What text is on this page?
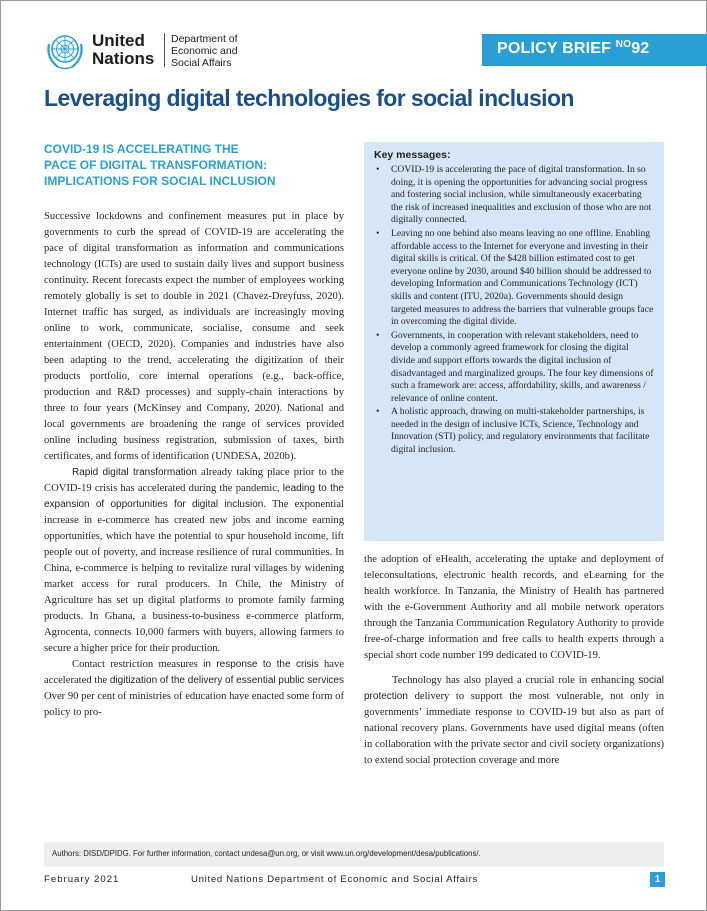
United
Nations
Department of
Economic and
Social Affairs
POLICY BRIEF $^{NO}$92
Leveraging digital technologies for social inclusion
COVID-19 IS ACCELERATING THE
PACE OF DIGITAL TRANSFORMATION:
IMPLICATIONS FOR SOCIAL INCLUSION

Successive lockdowns and confinement measures put in place by governments to curb the spread of COVID-19 are accelerating the pace of digital transformation as information and communications technology (ICTs) are used to sustain daily lives and support business continuity. Recent forecasts expect the number of employees working remotely globally is set to double in 2021 (Chavez-Dreyfuss, 2020). Internet traffic has surged, as individuals are increasingly moving online to work, communicate, socialise, consume and seek entertainment (OECD, 2020). Companies and industries have also been adapting to the trend, accelerating the digitization of their products portfolio, core internal operations (e.g., back-office, production and R&D processes) and supply-chain interactions by three to four years (McKinsey and Company, 2020). National and local governments are broadening the range of services provided online including business registration, submission of taxes, birth certificates, and forms of identification (UNDESA, 2020b).

Rapid digital transformation already taking place prior to the COVID-19 crisis has accelerated during the pandemic, leading to the expansion of opportunities for digital inclusion. The exponential increase in e-commerce has created new jobs and income earning opportunities, which have the potential to spur household income, lift people out of poverty, and increase resilience of rural communities. In China, e-commerce is helping to revitalize rural villages by widening market access for rural producers. In Chile, the Ministry of Agriculture has set up digital platforms to promote family farming products. In Ghana, a business-to-business e-commerce platform, Agrocenta, connects 10,000 farmers with buyers, allowing farmers to secure a higher price for their production.

Contact restriction measures in response to the crisis have accelerated the digitization of the delivery of essential public services Over 90 per cent of ministries of education have enacted some form of policy to pro-

Key messages:
• COVID-19 is accelerating the pace of digital transformation. In so doing, it is opening the opportunities for advancing social progress and fostering social inclusion, while simultaneously exacerbating the risk of increased inequalities and exclusion of those who are not digitally connected.
• Leaving no one behind also means leaving no one offline. Enabling affordable access to the Internet for everyone and investing in their digital skills is critical. Of the $428 billion estimated cost to get everyone online by 2030, around $40 billion should be addressed to developing Information and Communications Technology (ICT) skills and content (ITU, 2020a). Governments should design targeted measures to address the barriers that vulnerable groups face in overcoming the digital divide.
• Governments, in cooperation with relevant stakeholders, need to develop a commonly agreed framework for closing the digital divide and support efforts towards the digital inclusion of disadvantaged and marginalized groups. The four key dimensions of such a framework are: access, affordability, skills, and awareness / relevance of online content.
• A holistic approach, drawing on multi-stakeholder partnerships, is needed in the design of inclusive ICTs, Science, Technology and Innovation (STI) policy, and regulatory environments that facilitate digital inclusion.

the adoption of eHealth, accelerating the uptake and deployment of teleconsultations, electronic health records, and eLearning for the health workforce. In Tanzania, the Ministry of Health has partnered with the e-Government Authority and all mobile network operators through the Tanzania Communication Regulatory Authority to provide free-of-charge information and free calls to health experts through a special short code number 199 dedicated to COVID-19.

Technology has also played a crucial role in enhancing social protection delivery to support the most vulnerable, not only in governments’ immediate response to COVID-19 but also as part of national recovery plans. Governments have used digital means (often in collaboration with the private sector and civil society organizations) to extend social protection coverage and more

Authors: DISD/DPIDG. For further information, contact undesa@un.org, or visit www.un.org/development/desa/publications/.
February 2021	United Nations Department of Economic and Social Affairs	1
